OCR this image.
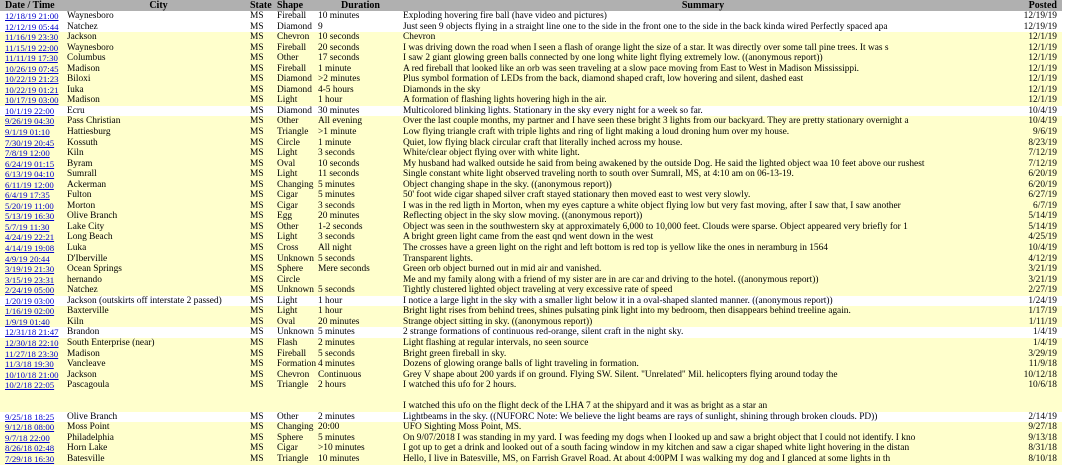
Date / Time	City	State	Shape	Duration	Summary	Posted
12/18/19 21:00	Waynesboro	MS	Fireball	10 minutes	Exploding hovering fire ball (have video and pictures)	12/19/19
12/12/19 05:44	Natchez	MS	Diamond	9	Just seen 9 objects flying in a straight line one to the side in the front one to the side in the back kinda wired Perfectly spaced apa	12/19/19
11/16/19 23:30	Jackson	MS	Chevron	10 seconds	Chevron	12/1/19
11/15/19 22:00	Waynesboro	MS	Fireball	20 seconds	I was driving down the road when I seen a flash of orange light the size of a star. It was directly over some tall pine trees. It was s	12/1/19
11/11/19 17:30	Columbus	MS	Other	17 seconds	I saw 2 giant glowing green balls connected by one long white light flying extremely low. ((anonymous report))	12/1/19
10/26/19 07:45	Madison	MS	Fireball	1 minute	A red fireball that looked like an orb was seen traveling at a slow pace moving from East to West in Madison Mississippi.	12/1/19
10/22/19 21:23	Biloxi	MS	Diamond	>2 minutes	Plus symbol formation of LEDs from the back, diamond shaped craft, low hovering and silent, dashed east	12/1/19
10/22/19 01:21	Iuka	MS	Diamond	4-5 hours	Diamonds in the sky	12/1/19
10/17/19 03:00	Madison	MS	Light	1 hour	A formation of flashing lights hovering high in the air.	12/1/19
10/1/19 22:00	Ecru	MS	Diamond	30 minutes	Multicolored blinking lights. Stationary in the sky every night for a week so far.	10/4/19
9/26/19 04:30	Pass Christian	MS	Other	All evening	Over the last couple months, my partner and I have seen these bright 3 lights from our backyard. They are pretty stationary overnight a	10/4/19
9/1/19 01:10	Hattiesburg	MS	Triangle	>1 minute	Low flying triangle craft with triple lights and ring of light making a loud droning hum over my house.	9/6/19
7/30/19 20:45	Kossuth	MS	Circle	1 minute	Quiet, low flying black circular craft that literally inched across my house.	8/23/19
7/8/19 12:00	Kiln	MS	Light	3 seconds	White/clear object flying over with white light.	7/12/19
6/24/19 01:15	Byram	MS	Oval	10 seconds	My husband had walked outside he said from being awakened by the outside Dog. He said the lighted object waa 10 feet above our rushest	7/12/19
6/13/19 04:10	Sumrall	MS	Light	11 seconds	Single constant white light observed traveling north to south over Sumrall, MS, at 4:10 am on 06-13-19.	6/20/19
6/11/19 12:00	Ackerman	MS	Changing	5 minutes	Object changing shape in the sky. ((anonymous report))	6/20/19
6/4/19 17:35	Fulton	MS	Cigar	5 minutes	50' foot wide cigar shaped silver craft stayed stationary then moved east to west very slowly.	6/27/19
5/20/19 11:00	Morton	MS	Cigar	3 seconds	I was in the red ligth in Morton, when my eyes capture a white object flying low but very fast moving, after I saw that, I saw another	6/7/19
5/13/19 16:30	Olive Branch	MS	Egg	20 minutes	Reflecting object in the sky slow moving. ((anonymous report))	5/14/19
5/7/19 11:30	Lake City	MS	Other	1-2 seconds	Object was seen in the southwestern sky at approximately 6,000 to 10,000 feet. Clouds were sparse. Object appeared very briefly for 1	5/14/19
4/24/19 22:21	Long Beach	MS	Light	3 seconds	A bright green light came from the east qnd went down in the west	4/25/19
4/14/19 19:08	Luka	MS	Cross	All night	The crosses have a green light on the right and left bottom is red top is yellow like the ones in neramburg in 1564	10/4/19
4/9/19 20:44	D'Iberville	MS	Unknown	5 seconds	Transparent lights.	4/12/19
3/19/19 21:30	Ocean Springs	MS	Sphere	Mere seconds	Green orb object burned out in mid air and vanished.	3/21/19
3/15/19 23:31	hernando	MS	Circle		Me and my family along with a friend of my sister are in are car and driving to the hotel. ((anonymous report))	3/21/19
2/24/19 05:00	Natchez	MS	Unknown	5 seconds	Tightly clustered lighted object traveling at very excessive rate of speed	2/27/19
1/20/19 03:00	Jackson (outskirts off interstate 2 passed)	MS	Light	1 hour	I notice a large light in the sky with a smaller light below it in a oval-shaped slanted manner. ((anonymous report))	1/24/19
1/16/19 02:00	Baxterville	MS	Light	1 hour	Bright light rises from behind trees, shines pulsating pink light into my bedroom, then disappears behind treeline again.	1/17/19
1/9/19 01:40	Kiln	MS	Oval	20 minutes	Strange object sitting in sky. ((anonymous report))	1/11/19
12/31/18 21:47	Brandon	MS	Unknown	5 minutes	2 strange formations of continuous red-orange, silent craft in the night sky.	1/4/19
12/30/18 22:10	South Enterprise (near)	MS	Flash	2 minutes	Light flashing at regular intervals, no seen source	1/4/19
11/27/18 23:30	Madison	MS	Fireball	5 seconds	Bright green fireball in sky.	3/29/19
11/3/18 19:30	Vancleave	MS	Formation	4 minutes	Dozens of glowing orange balls of light traveling in formation.	11/9/18
10/10/18 21:00	Jackson	MS	Chevron	Continuous	Grey V shape about 200 yards if on ground. Flying SW. Silent. "Unrelated" Mil. helicopters flying around today the	10/12/18
10/2/18 22:05	Pascagoula	MS	Triangle	2 hours	I watched this ufo for 2 hours.	10/6/18

					I watched this ufo on the flight deck of the LHA 7 at the shipyard and it was as bright as a star an	
9/25/18 18:25	Olive Branch	MS	Other	2 minutes	Lightbeams in the sky. ((NUFORC Note: We believe the light beams are rays of sunlight, shining through broken clouds. PD))	2/14/19
9/12/18 08:00	Moss Point	MS	Changing	20:00	UFO Sighting Moss Point, MS.	9/27/18
9/7/18 22:00	Philadelphia	MS	Sphere	5 minutes	On 9/07/2018 I was standing in my yard. I was feeding my dogs when I looked up and saw a bright object that I could not identify. I kno	9/13/18
8/26/18 02:48	Horn Lake	MS	Cigar	>10 minutes	I got up to get a drink and looked out of a south facing window in my kitchen and saw a cigar shaped white light hovering in the distan	8/31/18
7/29/18 16:30	Batesville	MS	Triangle	10 minutes	Hello, I live in Batesville, MS, on Farrish Gravel Road. At about 4:00PM I was walking my dog and I glanced at some lights in th	8/10/18
